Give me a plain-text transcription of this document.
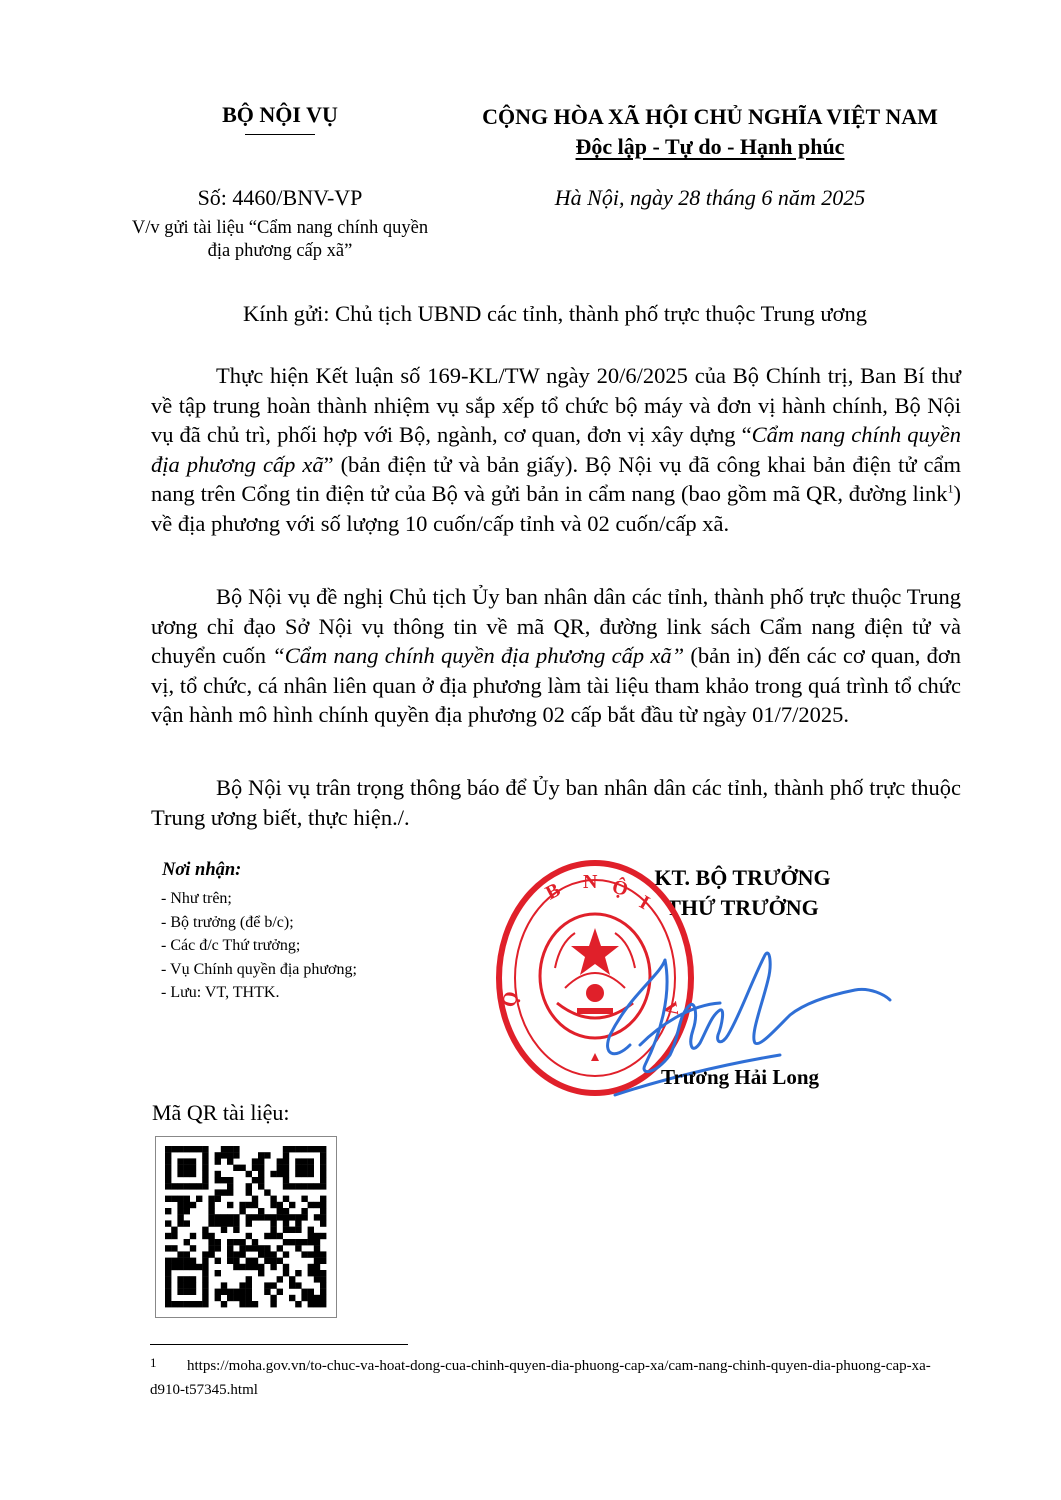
BỘ NỘI VỤ	CỘNG HÒA XÃ HỘI CHỦ NGHĨA VIỆT NAM
Độc lập - Tự do - Hạnh phúc
Số: 4460/BNV-VP
V/v gửi tài liệu “Cẩm nang chính quyền địa phương cấp xã”
Hà Nội, ngày 28 tháng 6 năm 2025
Kính gửi: Chủ tịch UBND các tỉnh, thành phố trực thuộc Trung ương
Thực hiện Kết luận số 169-KL/TW ngày 20/6/2025 của Bộ Chính trị, Ban Bí thư về tập trung hoàn thành nhiệm vụ sắp xếp tổ chức bộ máy và đơn vị hành chính, Bộ Nội vụ đã chủ trì, phối hợp với Bộ, ngành, cơ quan, đơn vị xây dựng “Cẩm nang chính quyền địa phương cấp xã” (bản điện tử và bản giấy). Bộ Nội vụ đã công khai bản điện tử cẩm nang trên Cổng tin điện tử của Bộ và gửi bản in cẩm nang (bao gồm mã QR, đường link$^1$) về địa phương với số lượng 10 cuốn/cấp tỉnh và 02 cuốn/cấp xã.
Bộ Nội vụ đề nghị Chủ tịch Ủy ban nhân dân các tỉnh, thành phố trực thuộc Trung ương chỉ đạo Sở Nội vụ thông tin về mã QR, đường link sách Cẩm nang điện tử và chuyển cuốn “Cẩm nang chính quyền địa phương cấp xã” (bản in) đến các cơ quan, đơn vị, tổ chức, cá nhân liên quan ở địa phương làm tài liệu tham khảo trong quá trình tổ chức vận hành mô hình chính quyền địa phương 02 cấp bắt đầu từ ngày 01/7/2025.
Bộ Nội vụ trân trọng thông báo để Ủy ban nhân dân các tỉnh, thành phố trực thuộc Trung ương biết, thực hiện./.
Nơi nhận:
- Như trên;
- Bộ trưởng (để b/c);
- Các đ/c Thứ trưởng;
- Vụ Chính quyền địa phương;
- Lưu: VT, THTK.
KT. BỘ TRƯỞNG
THỨ TRƯỞNG
B N Ộ
I
Ộ
V
Trương Hải Long
Mã QR tài liệu:
1	https://moha.gov.vn/to-chuc-va-hoat-dong-cua-chinh-quyen-dia-phuong-cap-xa/cam-nang-chinh-quyen-dia-phuong-cap-xa-d910-t57345.html
